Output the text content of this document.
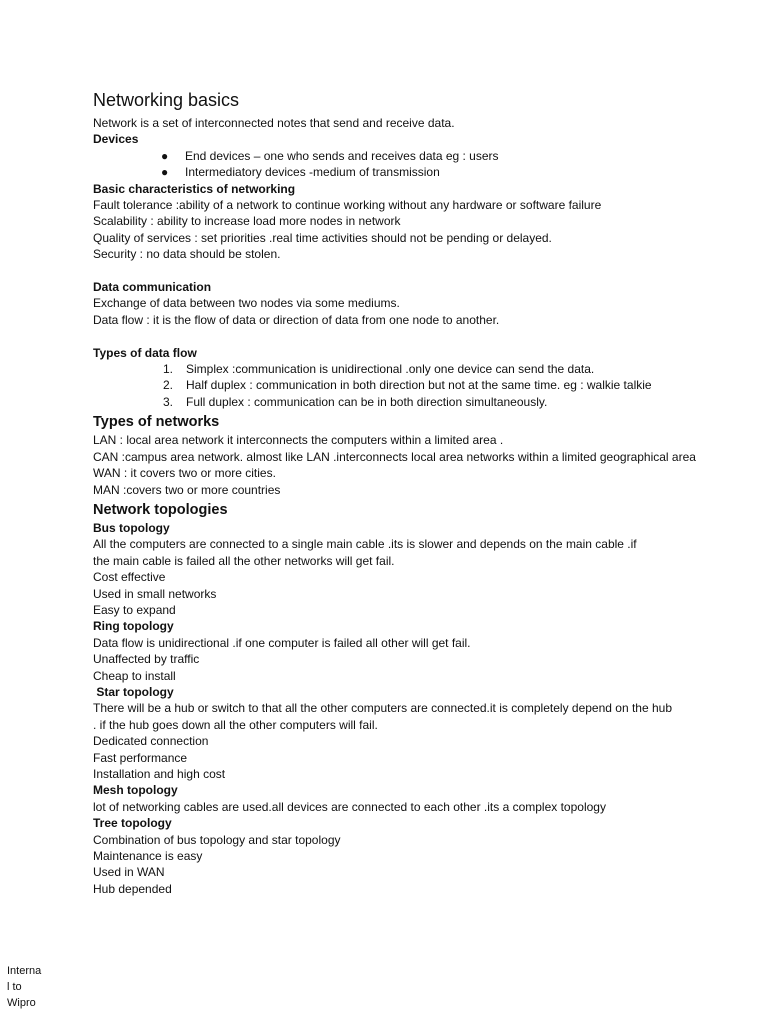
Networking basics
Network is a set of interconnected notes that send and receive data.
Devices
● End devices – one who sends and receives data eg : users
● Intermediatory devices -medium of transmission
Basic characteristics of networking
Fault tolerance :ability of a network to continue working without any hardware or software failure
Scalability : ability to increase load more nodes in network
Quality of services : set priorities .real time activities should not be pending or delayed.
Security : no data should be stolen.
Data communication
Exchange of data between two nodes via some mediums.
Data flow : it is the flow of data or direction of data from one node to another.
Types of data flow
1. Simplex :communication is unidirectional .only one device can send the data.
2. Half duplex : communication in both direction but not at the same time. eg : walkie talkie
3. Full duplex : communication can be in both direction simultaneously.
Types of networks
LAN : local area network it interconnects the computers within a limited area .
CAN :campus area network. almost like LAN .interconnects local area networks within a limited geographical area
WAN : it covers two or more cities.
MAN :covers two or more countries
Network topologies
Bus topology
All the computers are connected to a single main cable .its is slower and depends on the main cable .if the main cable is failed all the other networks will get fail.
Cost effective
Used in small networks
Easy to expand
Ring topology
Data flow is unidirectional .if one computer is failed all other will get fail.
Unaffected by traffic
Cheap to install
Star topology
There will be a hub or switch to that all the other computers are connected.it is completely depend on the hub . if the hub goes down all the other computers will fail.
Dedicated connection
Fast performance
Installation and high cost
Mesh topology
lot of networking cables are used.all devices are connected to each other .its a complex topology
Tree topology
Combination of bus topology and star topology
Maintenance is easy
Used in WAN
Hub depended
Interna
l to
Wipro
